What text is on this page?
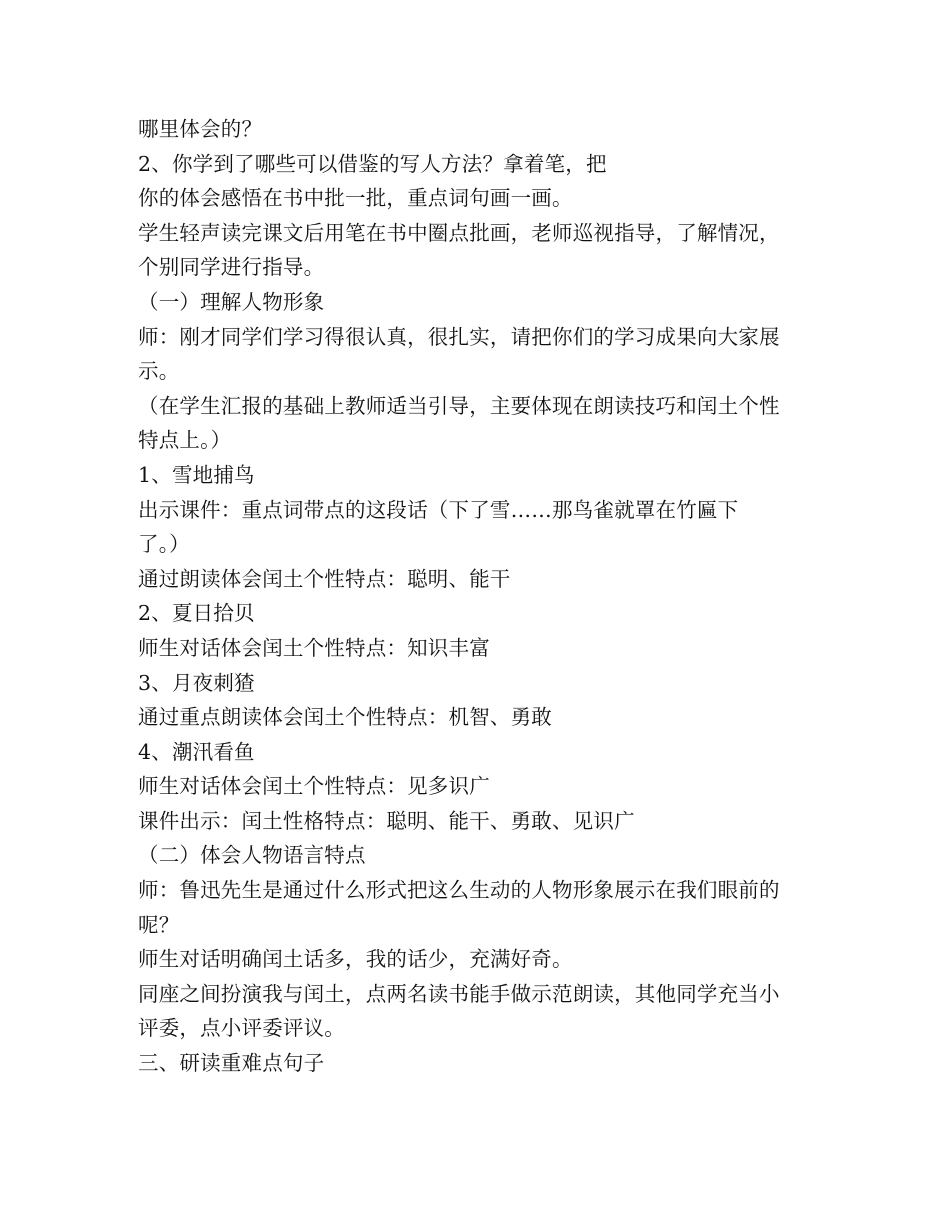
哪里体会的？
2、你学到了哪些可以借鉴的写人方法？拿着笔，把
你的体会感悟在书中批一批，重点词句画一画。
学生轻声读完课文后用笔在书中圈点批画，老师巡视指导，了解情况，
个别同学进行指导。
（一）理解人物形象
师：刚才同学们学习得很认真，很扎实，请把你们的学习成果向大家展
示。
（在学生汇报的基础上教师适当引导，主要体现在朗读技巧和闰土个性
特点上。）
1、雪地捕鸟
出示课件：重点词带点的这段话（下了雪……那鸟雀就罩在竹匾下
了。）
通过朗读体会闰土个性特点：聪明、能干
2、夏日拾贝
师生对话体会闰土个性特点：知识丰富
3、月夜刺猹
通过重点朗读体会闰土个性特点：机智、勇敢
4、潮汛看鱼
师生对话体会闰土个性特点：见多识广
课件出示：闰土性格特点：聪明、能干、勇敢、见识广
（二）体会人物语言特点
师：鲁迅先生是通过什么形式把这么生动的人物形象展示在我们眼前的
呢？
师生对话明确闰土话多，我的话少，充满好奇。
同座之间扮演我与闰土，点两名读书能手做示范朗读，其他同学充当小
评委，点小评委评议。
三、研读重难点句子
